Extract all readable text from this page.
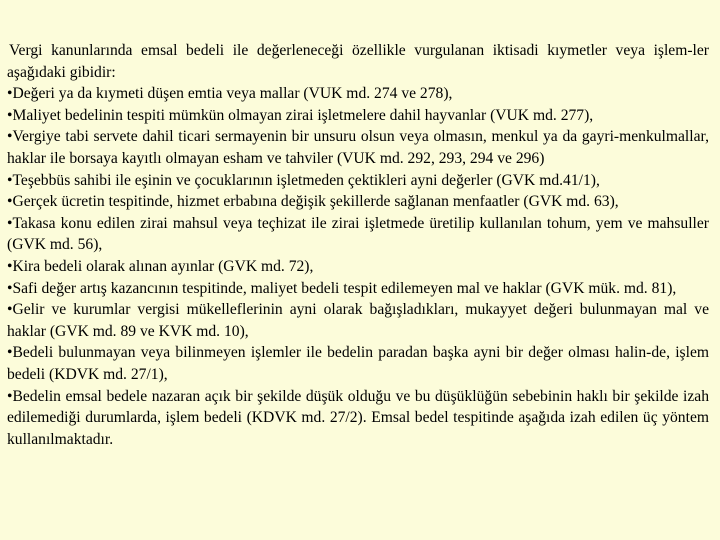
Vergi kanunlarında emsal bedeli ile değerleneceği özellikle vurgulanan iktisadi kıymetler veya işlem-ler aşağıdaki gibidir:

•Değeri ya da kıymeti düşen emtia veya mallar (VUK md. 274 ve 278),

•Maliyet bedelinin tespiti mümkün olmayan zirai işletmelere dahil hayvanlar (VUK md. 277),

•Vergiye tabi servete dahil ticari sermayenin bir unsuru olsun veya olmasın, menkul ya da gayri-menkulmallar, haklar ile borsaya kayıtlı olmayan esham ve tahviler (VUK md. 292, 293, 294 ve 296)

•Teşebbüs sahibi ile eşinin ve çocuklarının işletmeden çektikleri ayni değerler (GVK md.41/1),

•Gerçek ücretin tespitinde, hizmet erbabına değişik şekillerde sağlanan menfaatler (GVK md. 63),

•Takasa konu edilen zirai mahsul veya teçhizat ile zirai işletmede üretilip kullanılan tohum, yem ve mahsuller (GVK md. 56),

•Kira bedeli olarak alınan ayınlar (GVK md. 72),

•Safi değer artış kazancının tespitinde, maliyet bedeli tespit edilemeyen mal ve haklar (GVK mük. md. 81),

•Gelir ve kurumlar vergisi mükelleflerinin ayni olarak bağışladıkları, mukayyet değeri bulunmayan mal ve haklar (GVK md. 89 ve KVK md. 10),

•Bedeli bulunmayan veya bilinmeyen işlemler ile bedelin paradan başka ayni bir değer olması halin-de, işlem bedeli (KDVK md. 27/1),

•Bedelin emsal bedele nazaran açık bir şekilde düşük olduğu ve bu düşüklüğün sebebinin haklı bir şekilde izah edilemediği durumlarda, işlem bedeli (KDVK md. 27/2). Emsal bedel tespitinde aşağıda izah edilen üç yöntem kullanılmaktadır.
